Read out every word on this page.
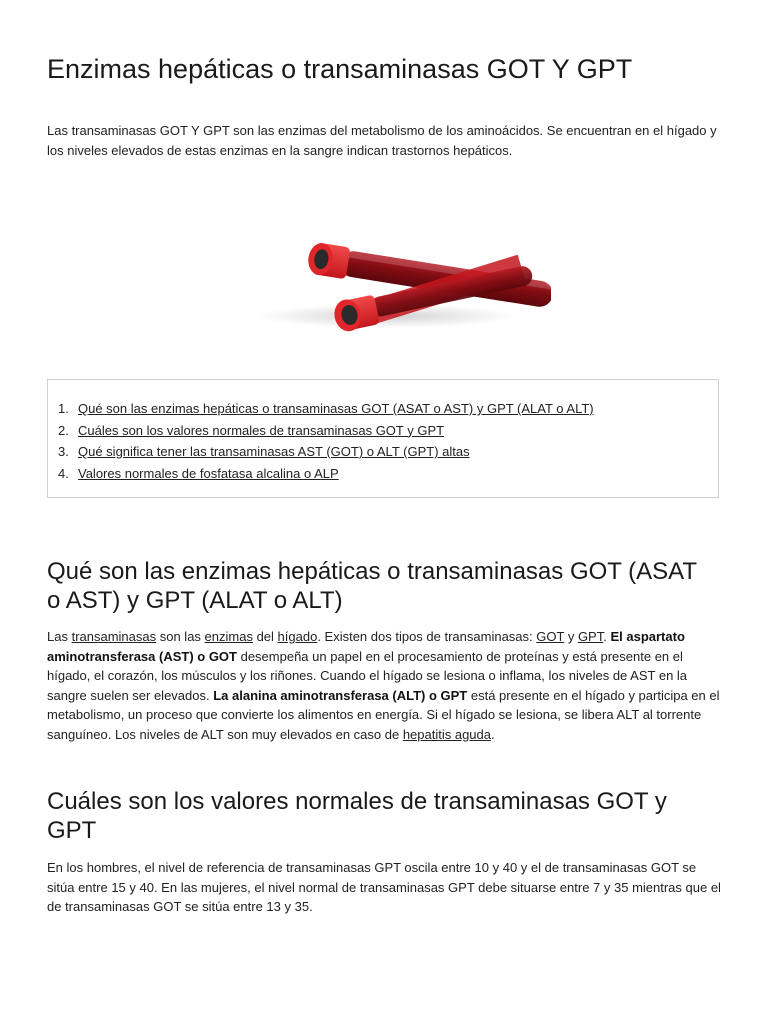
Enzimas hepáticas o transaminasas GOT Y GPT

Las transaminasas GOT Y GPT son las enzimas del metabolismo de los aminoácidos. Se encuentran en el hígado y los niveles elevados de estas enzimas en la sangre indican trastornos hepáticos.

1. Qué son las enzimas hepáticas o transaminasas GOT (ASAT o AST) y GPT (ALAT o ALT)
2. Cuáles son los valores normales de transaminasas GOT y GPT
3. Qué significa tener las transaminasas AST (GOT) o ALT (GPT) altas
4. Valores normales de fosfatasa alcalina o ALP
Qué son las enzimas hepáticas o transaminasas GOT (ASAT o AST) y GPT (ALAT o ALT)

Las transaminasas son las enzimas del hígado. Existen dos tipos de transaminasas: GOT y GPT. El aspartato aminotransferasa (AST) o GOT desempeña un papel en el procesamiento de proteínas y está presente en el hígado, el corazón, los músculos y los riñones. Cuando el hígado se lesiona o inflama, los niveles de AST en la sangre suelen ser elevados. La alanina aminotransferasa (ALT) o GPT está presente en el hígado y participa en el metabolismo, un proceso que convierte los alimentos en energía. Si el hígado se lesiona, se libera ALT al torrente sanguíneo. Los niveles de ALT son muy elevados en caso de hepatitis aguda.

Cuáles son los valores normales de transaminasas GOT y GPT

En los hombres, el nivel de referencia de transaminasas GPT oscila entre 10 y 40 y el de transaminasas GOT se sitúa entre 15 y 40. En las mujeres, el nivel normal de transaminasas GPT debe situarse entre 7 y 35 mientras que el de transaminasas GOT se sitúa entre 13 y 35.
